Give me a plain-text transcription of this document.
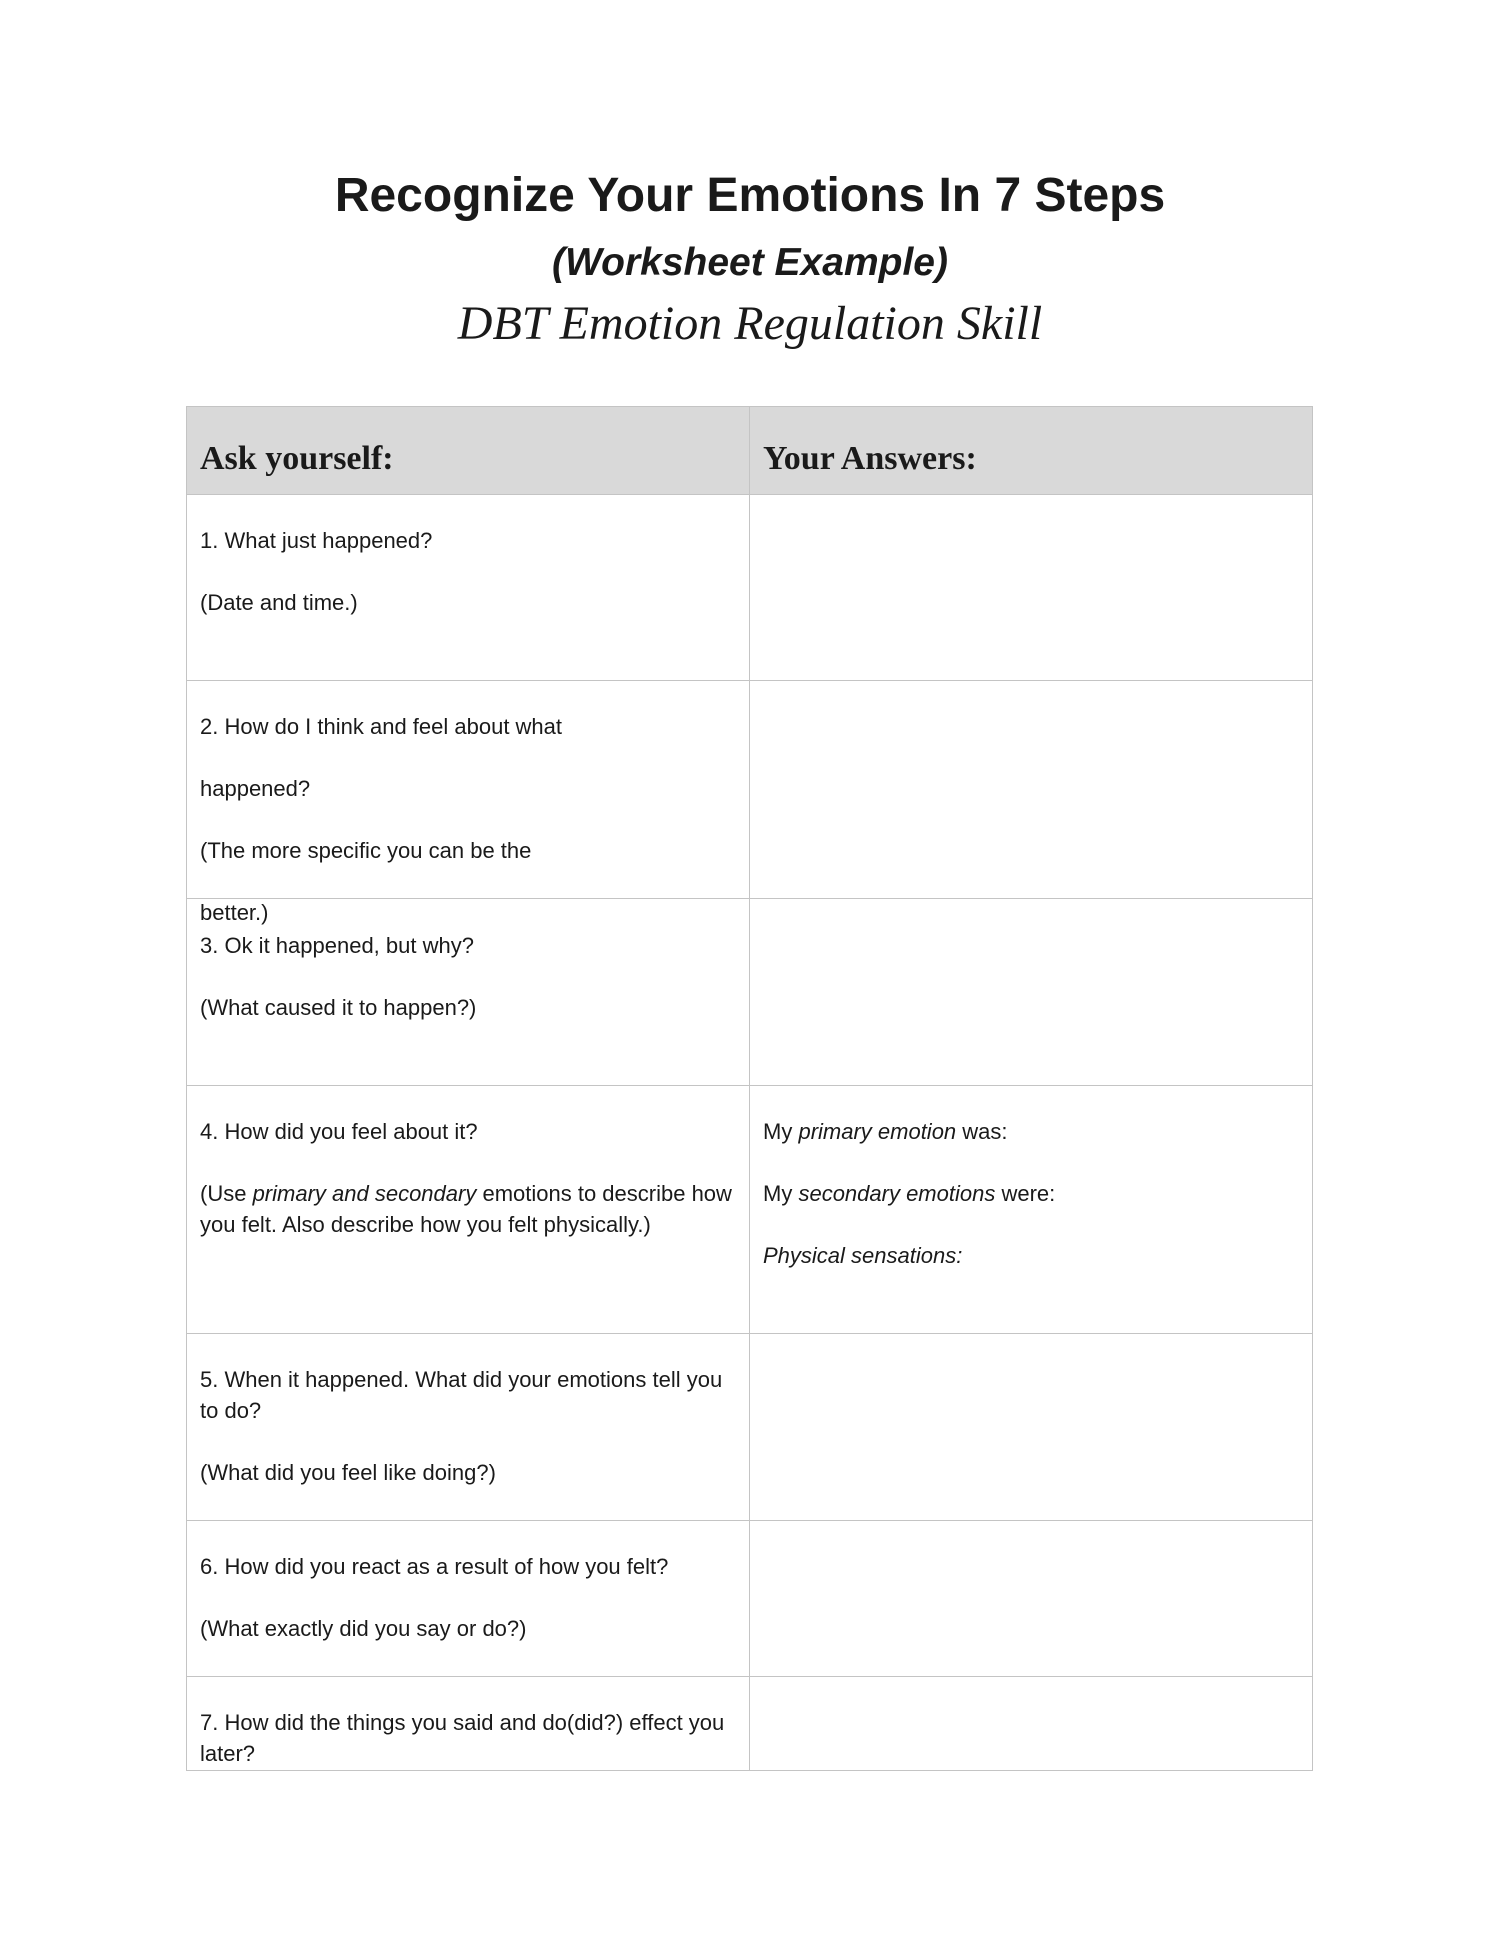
Recognize Your Emotions In 7 Steps
(Worksheet Example)
DBT Emotion Regulation Skill
Ask yourself:	Your Answers:

1. What just happened?

(Date and time.)

2. How do I think and feel about what

happened?

(The more specific you can be the

better.)

3. Ok it happened, but why?

(What caused it to happen?)

4. How did you feel about it?

(Use primary and secondary emotions to describe how you felt. Also describe how you felt physically.)

My primary emotion was:

My secondary emotions were:

Physical sensations:

5. When it happened. What did your emotions tell you to do?

(What did you feel like doing?)

6. How did you react as a result of how you felt?

(What exactly did you say or do?)

7. How did the things you said and do(did?) effect you later?
